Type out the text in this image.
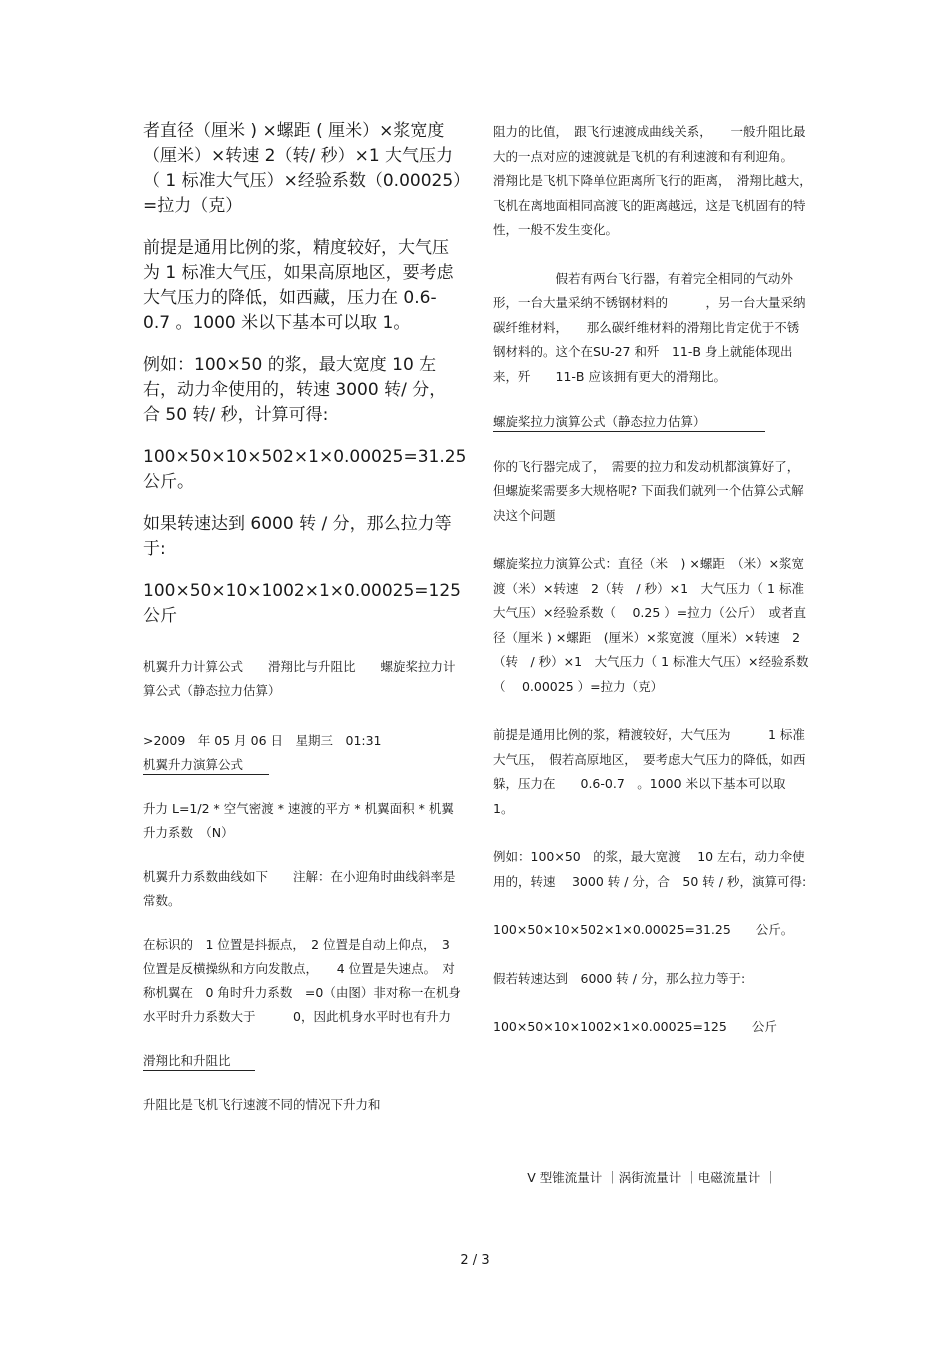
者直径（厘米 ) ×螺距 ( 厘米）×浆宽度（厘米）×转速 2（转/ 秒）×1 大气压力（ 1 标准大气压）×经验系数（0.00025）=拉力（克）

前提是通用比例的浆，精度较好，大气压为 1 标准大气压，如果高原地区，要考虑大气压力的降低，如西藏，压力在 0.6-0.7 。1000 米以下基本可以取 1。

例如：100×50 的浆，最大宽度 10 左右，动力伞使用的，转速 3000 转/ 分，合 50 转/ 秒，计算可得:

100×50×10×502×1×0.00025=31.25 公斤。

如果转速达到 6000 转 / 分，那么拉力等于:

100×50×10×1002×1×0.00025=125 公斤

机翼升力计算公式　　滑翔比与升阻比　　螺旋桨拉力计算公式（静态拉力估算）

>2009　年 05 月 06 日　星期三　01:31

机翼升力演算公式

升力 L=1/2 * 空气密渡 * 速渡的平方 * 机翼面积 * 机翼升力系数　（N）

机翼升力系数曲线如下　　注解：在小迎角时曲线斜率是常数。

在标识的　1 位置是抖振点，　2 位置是自动上仰点，　3 位置是反横操纵和方向发散点，　　4 位置是失速点。　对称机翼在　0 角时升力系数　=0（由图）非对称一在机身水平时升力系数大于　　　0，因此机身水平时也有升力

滑翔比和升阻比

升阻比是飞机飞行速渡不同的情况下升力和

阻力的比值，　跟飞行速渡成曲线关系，　　一般升阻比最大的一点对应的速渡就是飞机的有利速渡和有利迎角。　滑翔比是飞机下降单位距离所飞行的距离，　滑翔比越大，　飞机在离地面相同高渡飞的距离越远，这是飞机固有的特性，一般不发生变化。

　　　　　假若有两台飞行器，有着完全相同的气动外形，一台大量采纳不锈钢材料的　　　，另一台大量采纳碳纤维材料，　　那么碳纤维材料的滑翔比肯定优于不锈钢材料的。这个在SU-27 和歼　11-B 身上就能体现出来，歼　　11-B 应该拥有更大的滑翔比。

螺旋桨拉力演算公式（静态拉力估算）

你的飞行器完成了，　需要的拉力和发动机都演算好了，但螺旋桨需要多大规格呢? 下面我们就列一个估算公式解决这个问题

螺旋桨拉力演算公式：直径（米　) ×螺距　（米）×浆宽渡（米）×转速　2（转　/ 秒）×1　大气压力（ 1 标准大气压）×经验系数（　 0.25 ）=拉力（公斤）　或者直径（厘米 ) ×螺距　(厘米）×浆宽渡（厘米）×转速　2（转　/ 秒）×1　大气压力（ 1 标准大气压）×经验系数（　 0.00025 ）=拉力（克）

前提是通用比例的浆，精渡较好，大气压为　　　1 标准大气压，　假若高原地区，　要考虑大气压力的降低，如西躲，压力在　　0.6-0.7　。1000 米以下基本可以取　1。

例如：100×50　的浆，最大宽渡　 10 左右，动力伞使用的，转速　 3000 转 / 分，合　50 转 / 秒，演算可得:

100×50×10×502×1×0.00025=31.25　　公斤。

假若转速达到　6000 转 / 分，那么拉力等于:

100×50×10×1002×1×0.00025=125　　公斤

V 型锥流量计 ｜涡街流量计 ｜电磁流量计 ｜
2 / 3
